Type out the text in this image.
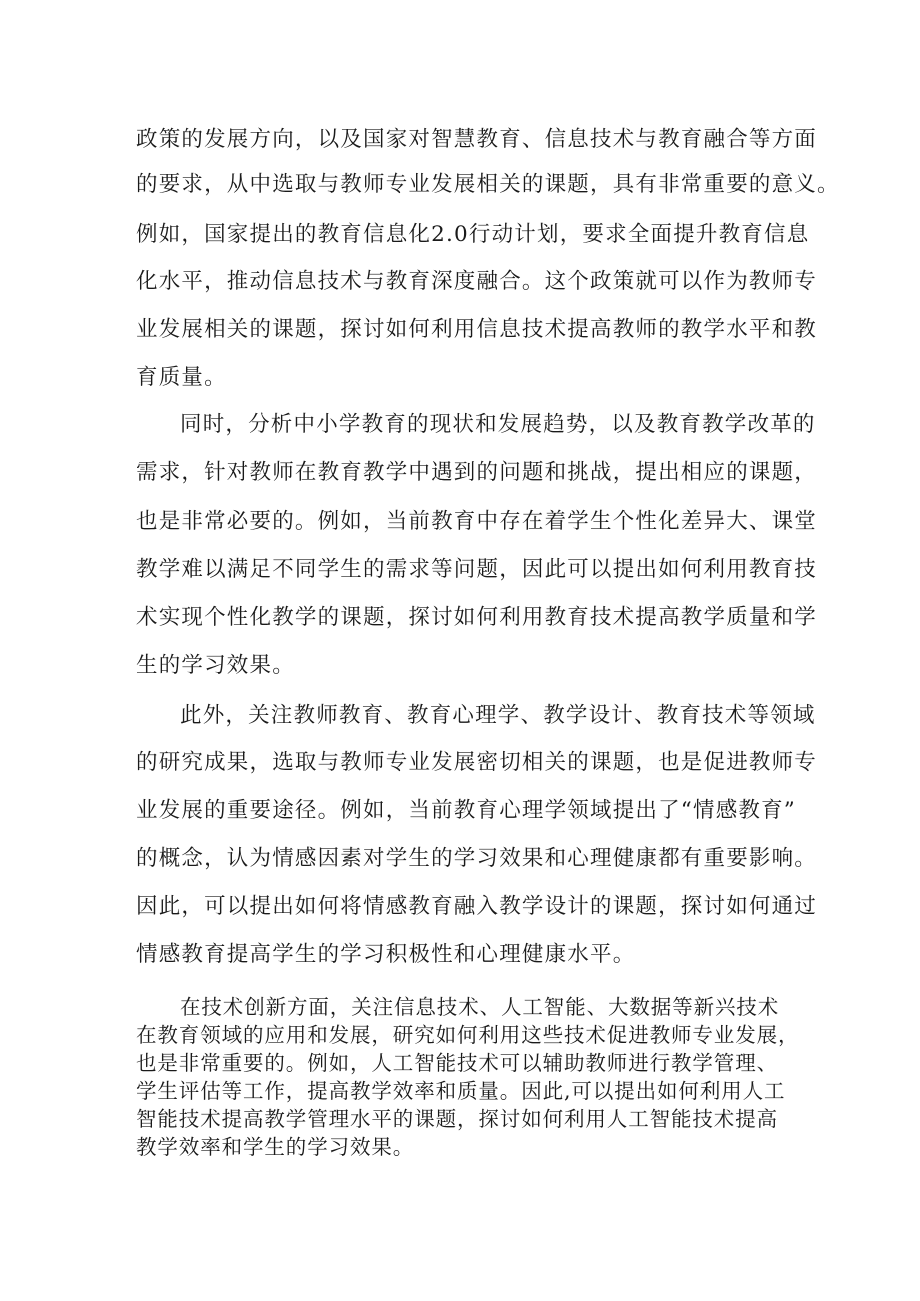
政策的发展方向，以及国家对智慧教育、信息技术与教育融合等方面
的要求，从中选取与教师专业发展相关的课题，具有非常重要的意义。
例如，国家提出的教育信息化2.0行动计划，要求全面提升教育信息
化水平，推动信息技术与教育深度融合。这个政策就可以作为教师专
业发展相关的课题，探讨如何利用信息技术提高教师的教学水平和教
育质量。
同时，分析中小学教育的现状和发展趋势，以及教育教学改革的
需求，针对教师在教育教学中遇到的问题和挑战，提出相应的课题，
也是非常必要的。例如，当前教育中存在着学生个性化差异大、课堂
教学难以满足不同学生的需求等问题，因此可以提出如何利用教育技
术实现个性化教学的课题，探讨如何利用教育技术提高教学质量和学
生的学习效果。
此外，关注教师教育、教育心理学、教学设计、教育技术等领域
的研究成果，选取与教师专业发展密切相关的课题，也是促进教师专
业发展的重要途径。例如，当前教育心理学领域提出了“情感教育”
的概念，认为情感因素对学生的学习效果和心理健康都有重要影响。
因此，可以提出如何将情感教育融入教学设计的课题，探讨如何通过
情感教育提高学生的学习积极性和心理健康水平。
在技术创新方面，关注信息技术、人工智能、大数据等新兴技术
在教育领域的应用和发展，研究如何利用这些技术促进教师专业发展，
也是非常重要的。例如，人工智能技术可以辅助教师进行教学管理、
学生评估等工作，提高教学效率和质量。因此,可以提出如何利用人工
智能技术提高教学管理水平的课题，探讨如何利用人工智能技术提高
教学效率和学生的学习效果。
